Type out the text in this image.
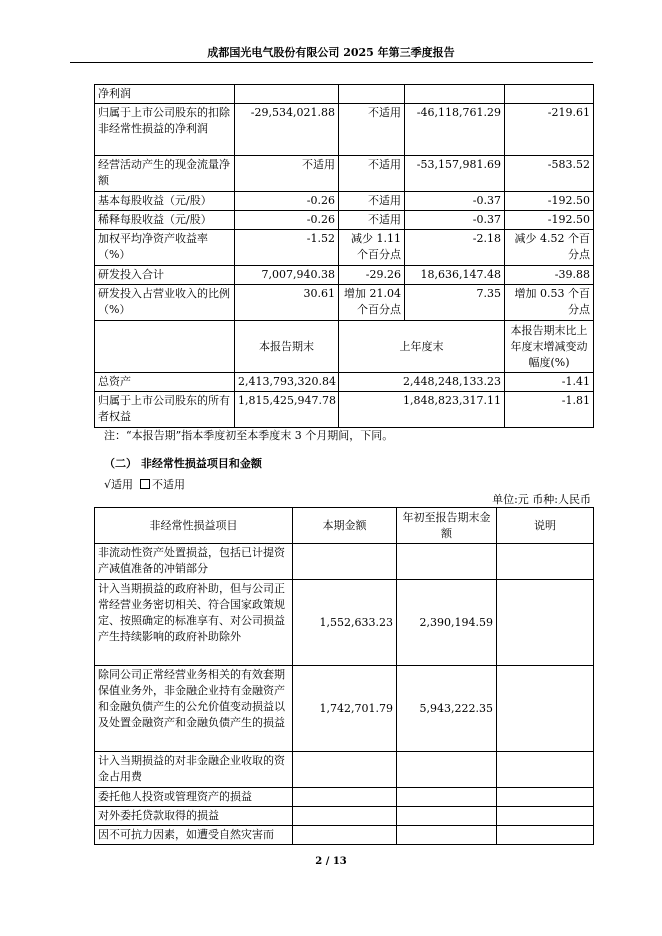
成都国光电气股份有限公司 2025 年第三季度报告
净利润				
归属于上市公司股东的扣除非经常性损益的净利润	-29,534,021.88	不适用	-46,118,761.29	-219.61
经营活动产生的现金流量净额	不适用	不适用	-53,157,981.69	-583.52
基本每股收益（元/股）	-0.26	不适用	-0.37	-192.50
稀释每股收益（元/股）	-0.26	不适用	-0.37	-192.50
加权平均净资产收益率（%）	-1.52	减少 1.11 个百分点	-2.18	减少 4.52 个百分点
研发投入合计	7,007,940.38	-29.26	18,636,147.48	-39.88
研发投入占营业收入的比例（%）	30.61	增加 21.04 个百分点	7.35	增加 0.53 个百分点
	本报告期末	上年度末		本报告期末比上年度末增减变动幅度(%)
总资产	2,413,793,320.84	2,448,248,133.23		-1.41
归属于上市公司股东的所有者权益	1,815,425,947.78	1,848,823,317.11		-1.81
注：“本报告期”指本季度初至本季度末 3 个月期间，下同。
（二） 非经常性损益项目和金额
√适用 不适用
单位:元 币种:人民币
非经常性损益项目	本期金额	年初至报告期末金额	说明
非流动性资产处置损益，包括已计提资产减值准备的冲销部分			
计入当期损益的政府补助，但与公司正常经营业务密切相关、符合国家政策规定、按照确定的标准享有、对公司损益产生持续影响的政府补助除外	1,552,633.23	2,390,194.59	
除同公司正常经营业务相关的有效套期保值业务外，非金融企业持有金融资产和金融负债产生的公允价值变动损益以及处置金融资产和金融负债产生的损益	1,742,701.79	5,943,222.35	
计入当期损益的对非金融企业收取的资金占用费			
委托他人投资或管理资产的损益			
对外委托贷款取得的损益			
因不可抗力因素，如遭受自然灾害而			
2 / 13
